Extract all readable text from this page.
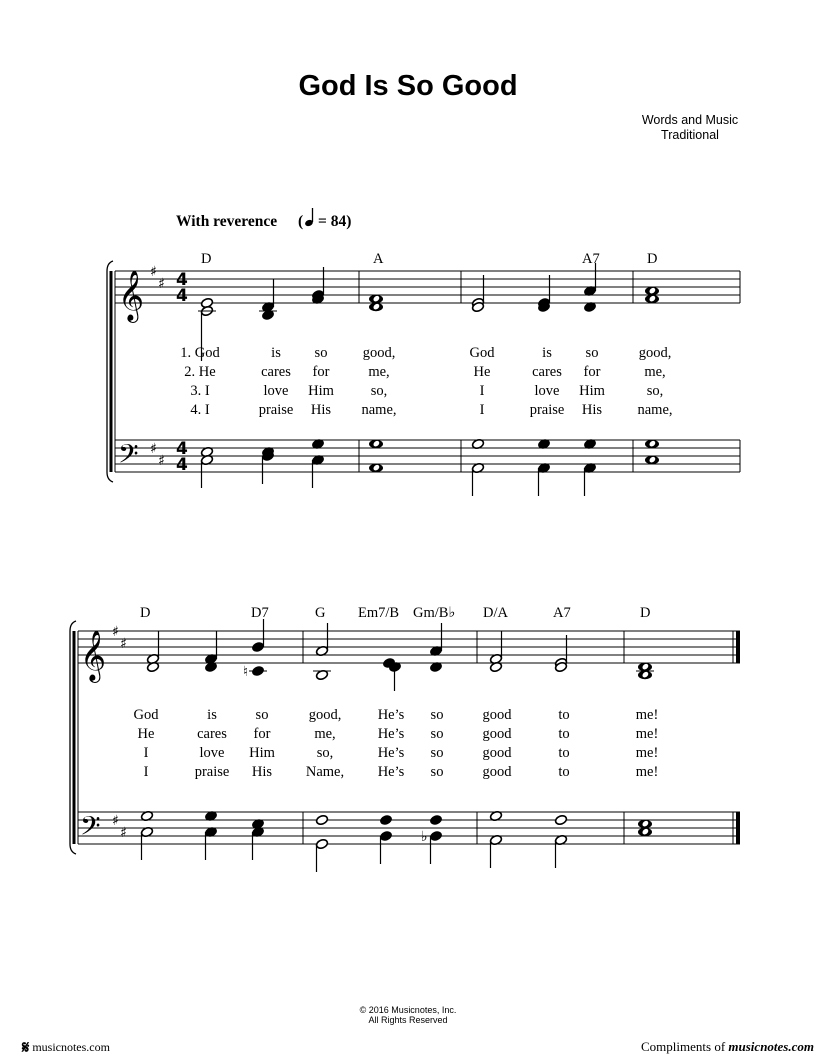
God Is So Good
Words and Music
Traditional
𝄞
𝄢
♯
♯
♯
♯
4
4
4
4
D	A	A7	D
With reverence ( = 84)
𝄞
𝄢
♯
♯
♯
♯
D	D7	G Em7/B Gm/B♭ D/A	A7	D
♮
♭
1. God	is so good,	God	is so	good,
2. He	cares for	me,	He	cares for	me,
3. I	love Him	so,	I	love Him	so,
4. I	praise His name,	I	praise His name,
God	is	so	good,	He’s so	good	to	me!
He	cares for	me,	He’s so	good	to	me!
I	love Him	so,	He’s so	good	to	me!
I	praise His Name, He’s so	good	to	me!
© 2016 Musicnotes, Inc.
All Rights Reserved
𝄋 musicnotes.com	Compliments of musicnotes.com
